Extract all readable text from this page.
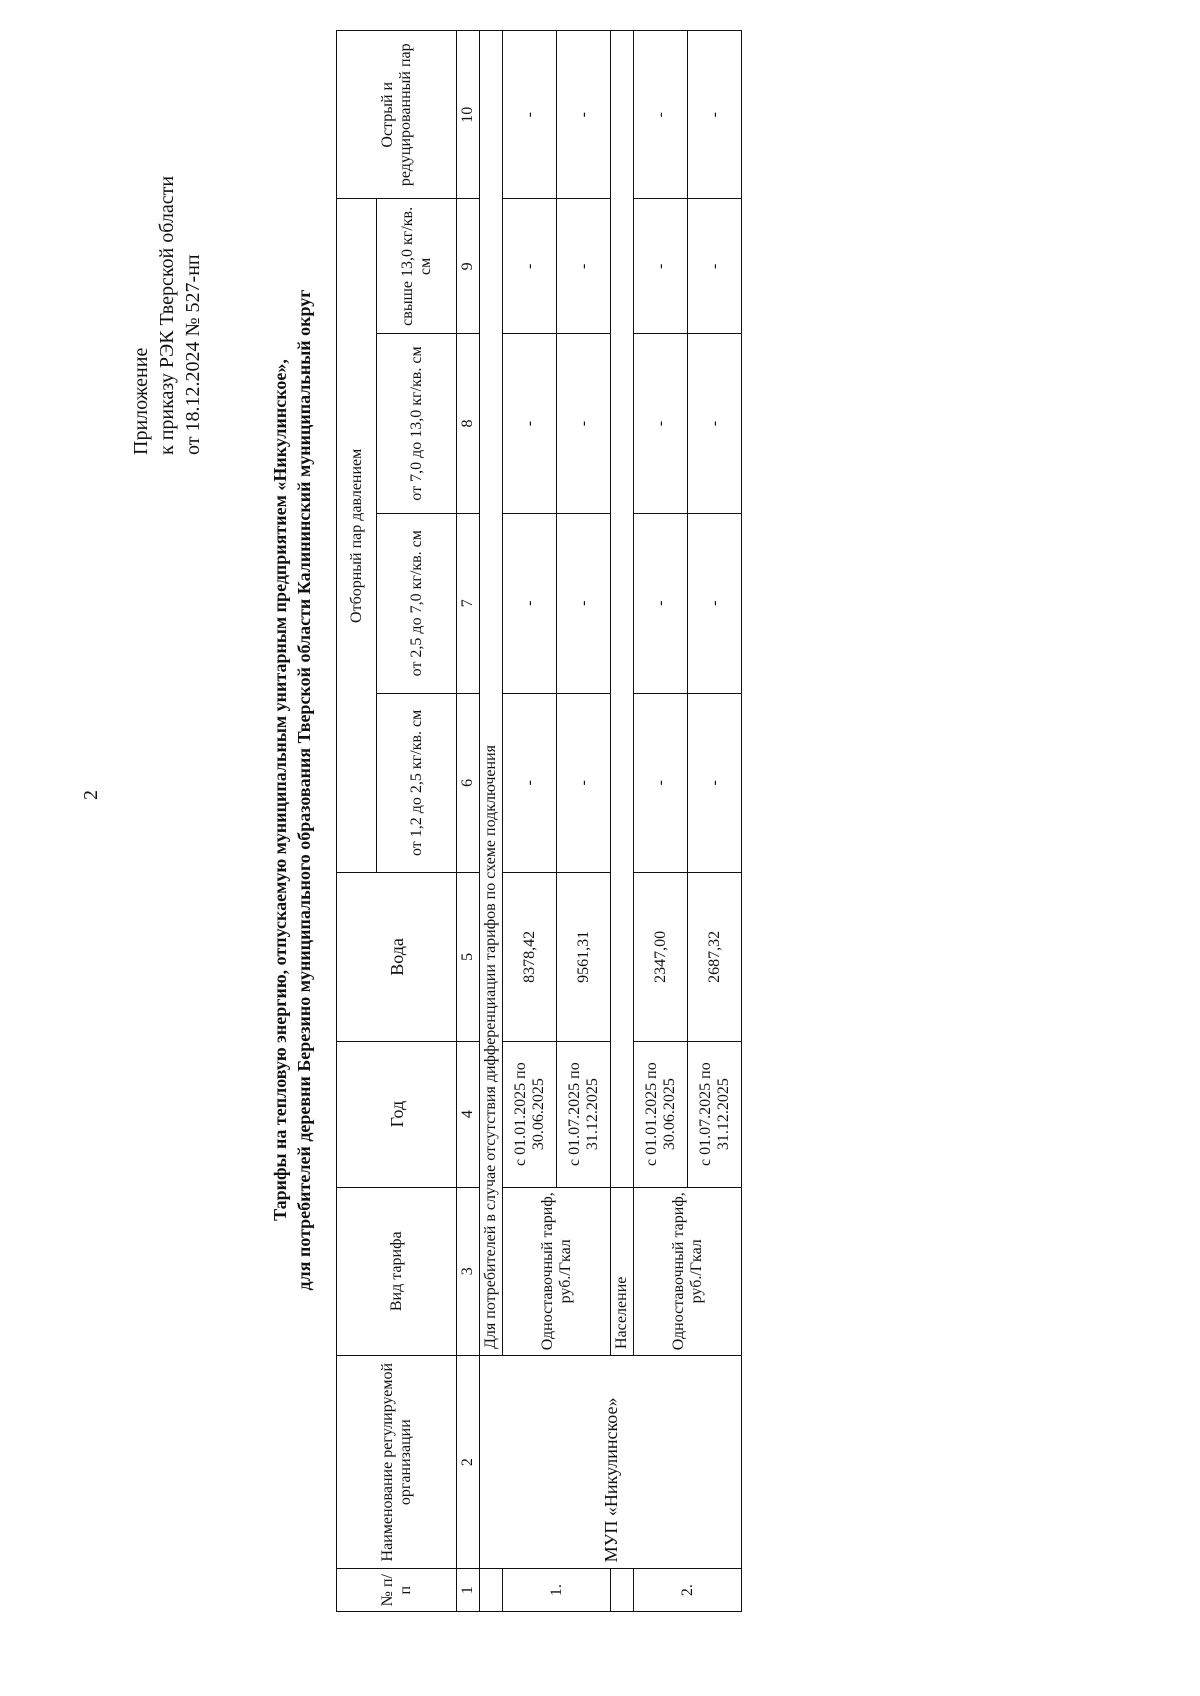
2
Приложение к приказу РЭК Тверской области от 18.12.2024 № 527-нп
Тарифы на тепловую энергию, отпускаемую муниципальным унитарным предприятием «Никулинское», для потребителей деревни Березино муниципального образования Тверской области Калининский муниципальный округ
№ п/п	Наименование регулируемой организации	Вид тарифа	Год	Вода	Отборный пар давлением				Острый и редуцированный пар
					от 1,2 до 2,5 кг/кв. см	от 2,5 до 7,0 кг/кв. см	от 7,0 до 13,0 кг/кв. см	свыше 13,0 кг/кв. см	
1	2	3	4	5	6	7	8	9	10
	МУП «Никулинское»	Для потребителей в случае отсутствия дифференциации тарифов по схеме подключения							
1.		Одноставочный тариф, руб./Гкал	с 01.01.2025 по 30.06.2025	8378,42	-	-	-	-	-
			с 01.07.2025 по 31.12.2025	9561,31	-	-	-	-	-
		Население							
2.		Одноставочный тариф, руб./Гкал	с 01.01.2025 по 30.06.2025	2347,00	-	-	-	-	-
			с 01.07.2025 по 31.12.2025	2687,32	-	-	-	-	-
